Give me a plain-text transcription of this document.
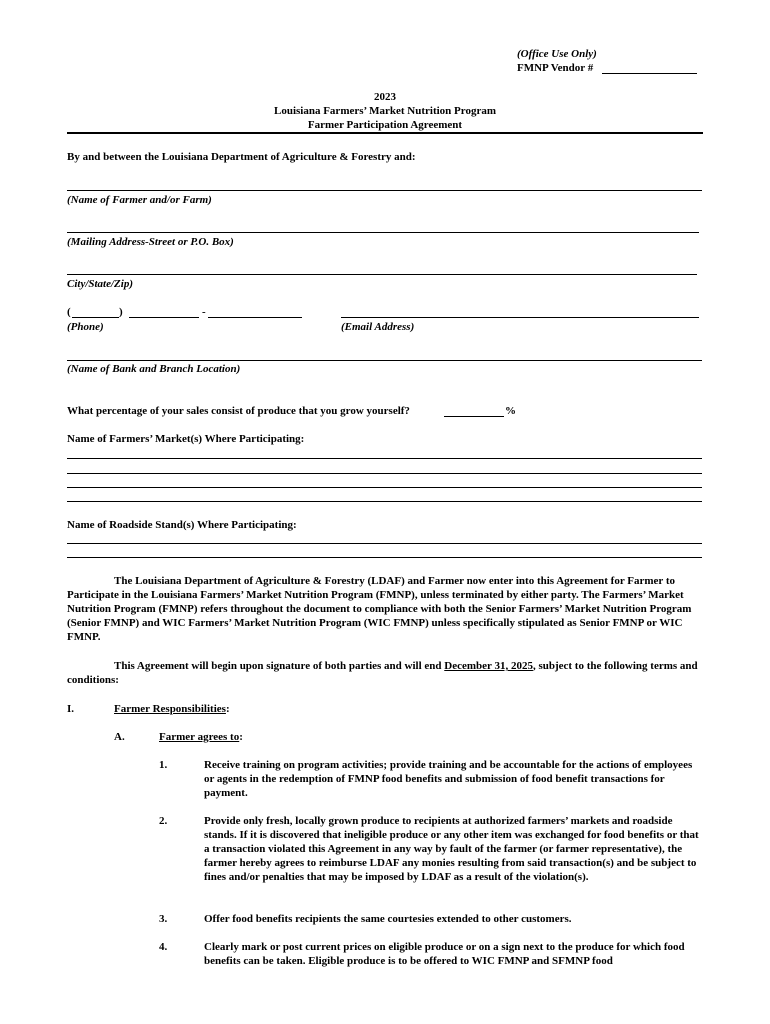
(Office Use Only)
FMNP Vendor #
2023
Louisiana Farmers’ Market Nutrition Program
Farmer Participation Agreement
By and between the Louisiana Department of Agriculture & Forestry and:
(Name of Farmer and/or Farm)
(Mailing Address-Street or P.O. Box)
City/State/Zip)
(	)	-
(Phone)	(Email Address)
(Name of Bank and Branch Location)
What percentage of your sales consist of produce that you grow yourself?	%
Name of Farmers’ Market(s) Where Participating:
Name of Roadside Stand(s) Where Participating:
The Louisiana Department of Agriculture & Forestry (LDAF) and Farmer now enter into this Agreement for Farmer to Participate in the Louisiana Farmers’ Market Nutrition Program (FMNP), unless terminated by either party. The Farmers’ Market Nutrition Program (FMNP) refers throughout the document to compliance with both the Senior Farmers’ Market Nutrition Program (Senior FMNP) and WIC Farmers’ Market Nutrition Program (WIC FMNP) unless specifically stipulated as Senior FMNP or WIC FMNP.
This Agreement will begin upon signature of both parties and will end December 31, 2025, subject to the following terms and conditions:
I.	Farmer Responsibilities:
A.	Farmer agrees to:
1.	Receive training on program activities; provide training and be accountable for the actions of employees or agents in the redemption of FMNP food benefits and submission of food benefit transactions for payment.
2.	Provide only fresh, locally grown produce to recipients at authorized farmers’ markets and roadside stands. If it is discovered that ineligible produce or any other item was exchanged for food benefits or that a transaction violated this Agreement in any way by fault of the farmer (or farmer representative), the farmer hereby agrees to reimburse LDAF any monies resulting from said transaction(s) and be subject to fines and/or penalties that may be imposed by LDAF as a result of the violation(s).
3.	Offer food benefits recipients the same courtesies extended to other customers.
4.	Clearly mark or post current prices on eligible produce or on a sign next to the produce for which food benefits can be taken. Eligible produce is to be offered to WIC FMNP and SFMNP food
